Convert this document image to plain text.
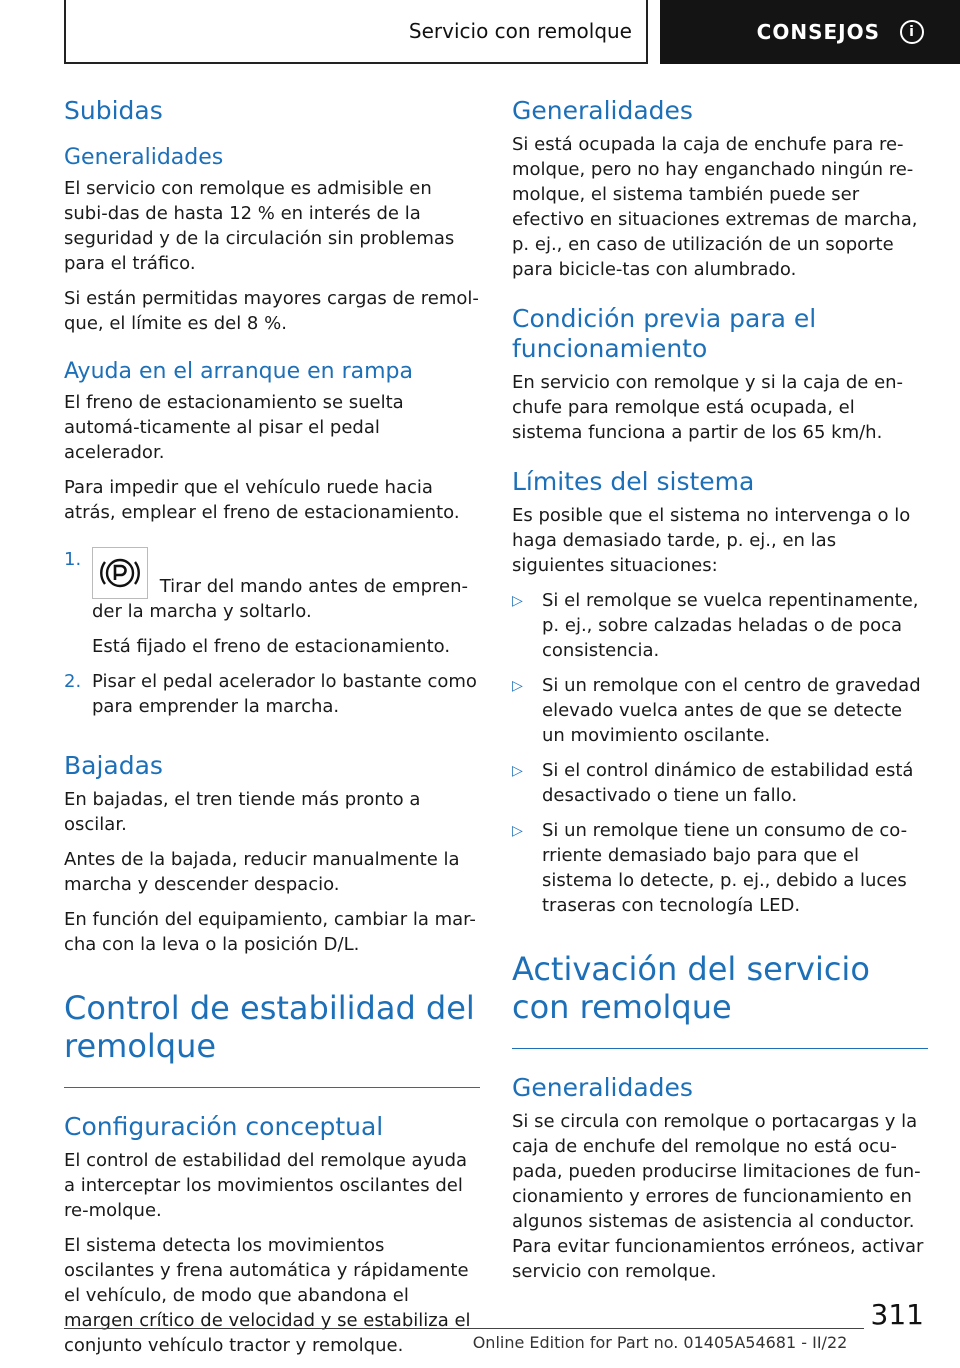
Servicio con remolque	CONSEJOS	i
Subidas
Generalidades

El servicio con remolque es admisible en subi-das de hasta 12 % en interés de la seguridad y de la circulación sin problemas para el tráfico.

Si están permitidas mayores cargas de remol-que, el límite es del 8 %.

Ayuda en el arranque en rampa

El freno de estacionamiento se suelta automá-ticamente al pisar el pedal acelerador.

Para impedir que el vehículo ruede hacia atrás, emplear el freno de estacionamiento.

1.
Tirar del mando antes de empren-der la marcha y soltarlo.
Está fijado el freno de estacionamiento.
2. Pisar el pedal acelerador lo bastante como para emprender la marcha.
Bajadas

En bajadas, el tren tiende más pronto a oscilar.

Antes de la bajada, reducir manualmente la marcha y descender despacio.

En función del equipamiento, cambiar la mar-cha con la leva o la posición D/L.

Control de estabilidad del remolque
Configuración conceptual

El control de estabilidad del remolque ayuda a interceptar los movimientos oscilantes del re-molque.

El sistema detecta los movimientos oscilantes y frena automática y rápidamente el vehículo, de modo que abandona el margen crítico de velocidad y se estabiliza el conjunto vehículo tractor y remolque.

Generalidades

Si está ocupada la caja de enchufe para re-molque, pero no hay enganchado ningún re-molque, el sistema también puede ser efectivo en situaciones extremas de marcha, p. ej., en caso de utilización de un soporte para bicicle-tas con alumbrado.

Condición previa para el funcionamiento

En servicio con remolque y si la caja de en-chufe para remolque está ocupada, el sistema funciona a partir de los 65 km/h.

Límites del sistema

Es posible que el sistema no intervenga o lo haga demasiado tarde, p. ej., en las siguientes situaciones:

▷	Si el remolque se vuelca repentinamente, p. ej., sobre calzadas heladas o de poca consistencia.
▷	Si un remolque con el centro de gravedad elevado vuelca antes de que se detecte un movimiento oscilante.
▷	Si el control dinámico de estabilidad está desactivado o tiene un fallo.
▷	Si un remolque tiene un consumo de co-rriente demasiado bajo para que el sistema lo detecte, p. ej., debido a luces traseras con tecnología LED.
Activación del servicio con remolque
Generalidades

Si se circula con remolque o portacargas y la caja de enchufe del remolque no está ocu-pada, pueden producirse limitaciones de fun-cionamiento y errores de funcionamiento en algunos sistemas de asistencia al conductor. Para evitar funcionamientos erróneos, activar servicio con remolque.

311
Online Edition for Part no. 01405A54681 - II/22
